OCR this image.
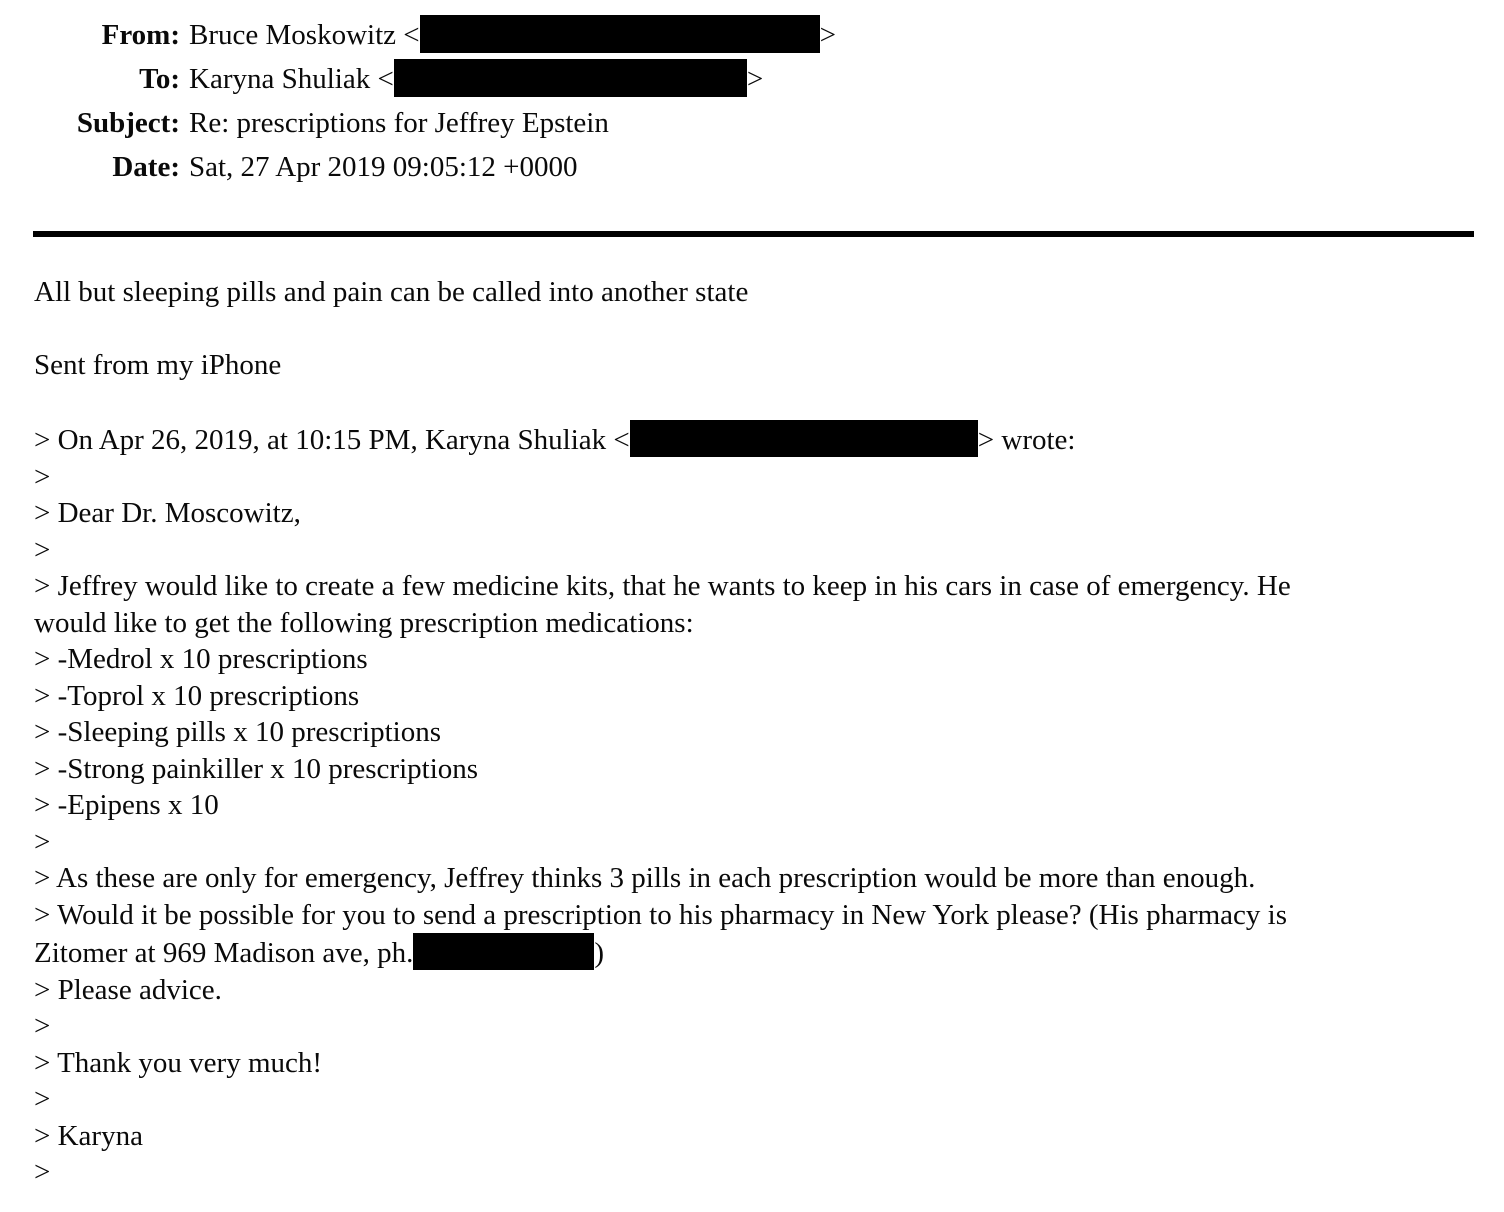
From: Bruce Moskowitz <	>
To: Karyna Shuliak <	>
Subject: Re: prescriptions for Jeffrey Epstein
Date: Sat, 27 Apr 2019 09:05:12 +0000
All but sleeping pills and pain can be called into another state

Sent from my iPhone

> On Apr 26, 2019, at 10:15 PM, Karyna Shuliak <	> wrote:
>
> Dear Dr. Moscowitz,
>
> Jeffrey would like to create a few medicine kits, that he wants to keep in his cars in case of emergency. He
would like to get the following prescription medications:
> -Medrol x 10 prescriptions
> -Toprol x 10 prescriptions
> -Sleeping pills x 10 prescriptions
> -Strong painkiller x 10 prescriptions
> -Epipens x 10
>
> As these are only for emergency, Jeffrey thinks 3 pills in each prescription would be more than enough.
> Would it be possible for you to send a prescription to his pharmacy in New York please? (His pharmacy is
Zitomer at 969 Madison ave, ph.	)
> Please advice.
>
> Thank you very much!
>
> Karyna
>
